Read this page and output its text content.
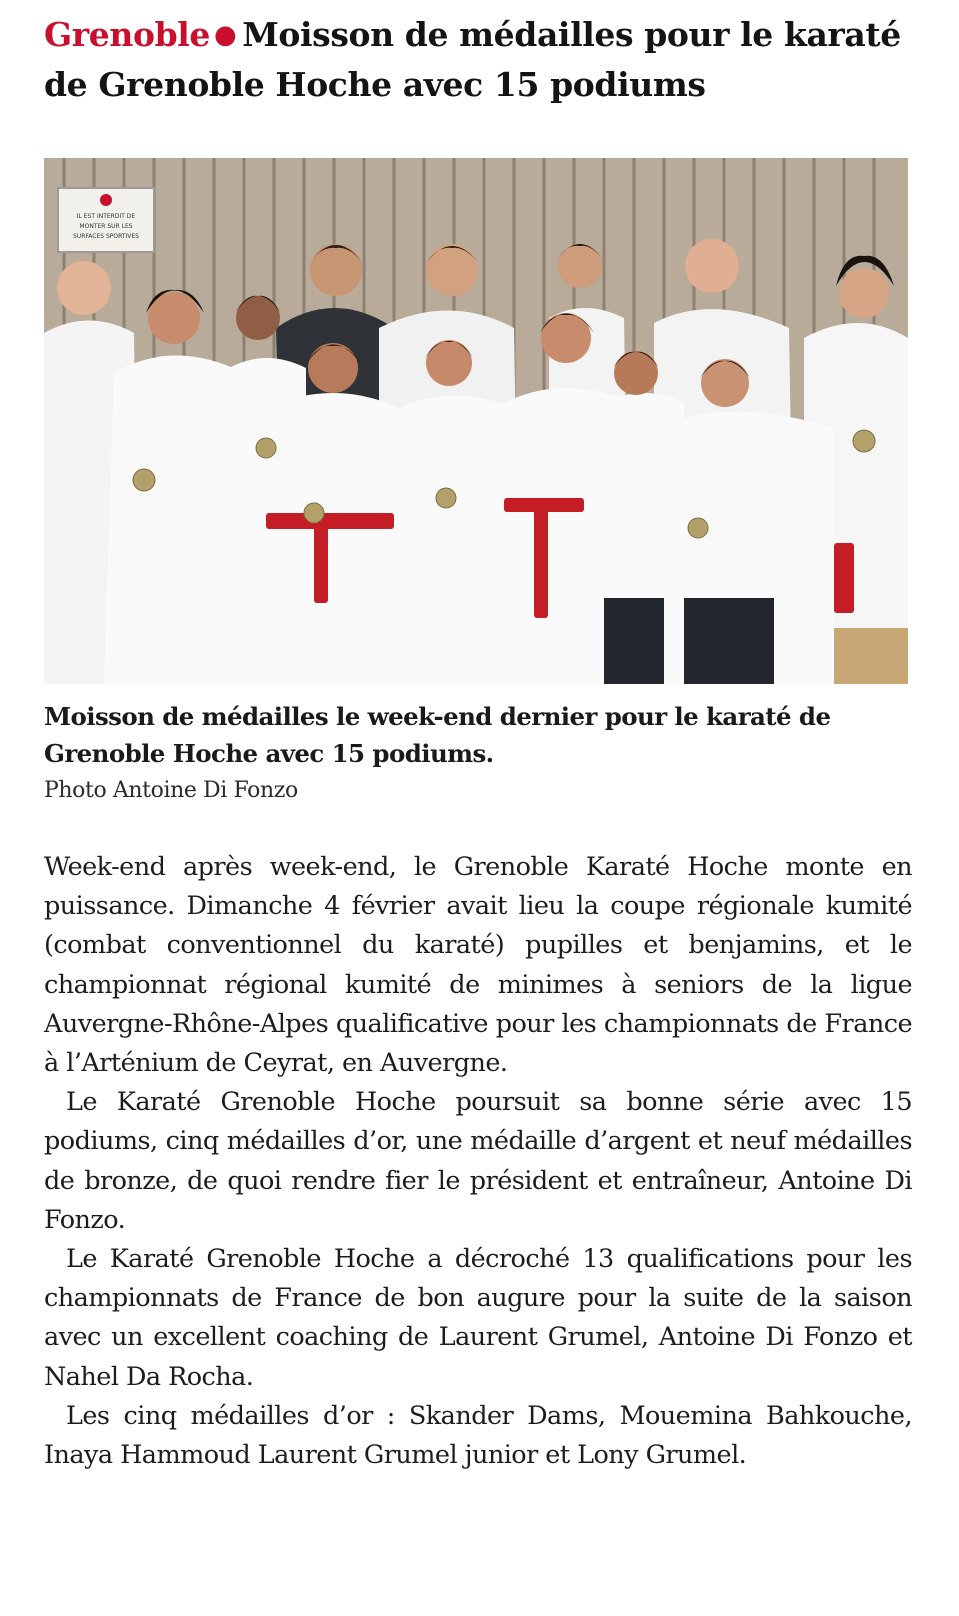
Grenoble ● Moisson de médailles pour le karaté de Grenoble Hoche avec 15 podiums
IL EST INTERDIT DE
MONTER SUR LES
SURFACES SPORTIVES

Moisson de médailles le week-end dernier pour le karaté de Grenoble Hoche avec 15 podiums.

Photo Antoine Di Fonzo

Week-end après week-end, le Grenoble Karaté Hoche monte en puissance. Dimanche 4 février avait lieu la coupe régionale kumité (combat conventionnel du karaté) pupilles et benjamins, et le championnat régional kumité de minimes à seniors de la ligue Auvergne-Rhône-Alpes qualificative pour les championnats de France à l’Arténium de Ceyrat, en Auvergne.

Le Karaté Grenoble Hoche poursuit sa bonne série avec 15 podiums, cinq médailles d’or, une médaille d’argent et neuf médailles de bronze, de quoi rendre fier le président et entraîneur, Antoine Di Fonzo.

Le Karaté Grenoble Hoche a décroché 13 qualifications pour les championnats de France de bon augure pour la suite de la saison avec un excellent coaching de Laurent Grumel, Antoine Di Fonzo et Nahel Da Rocha.

Les cinq médailles d’or : Skander Dams, Mouemina Bahkouche, Inaya Hammoud Laurent Grumel junior et Lony Grumel.
